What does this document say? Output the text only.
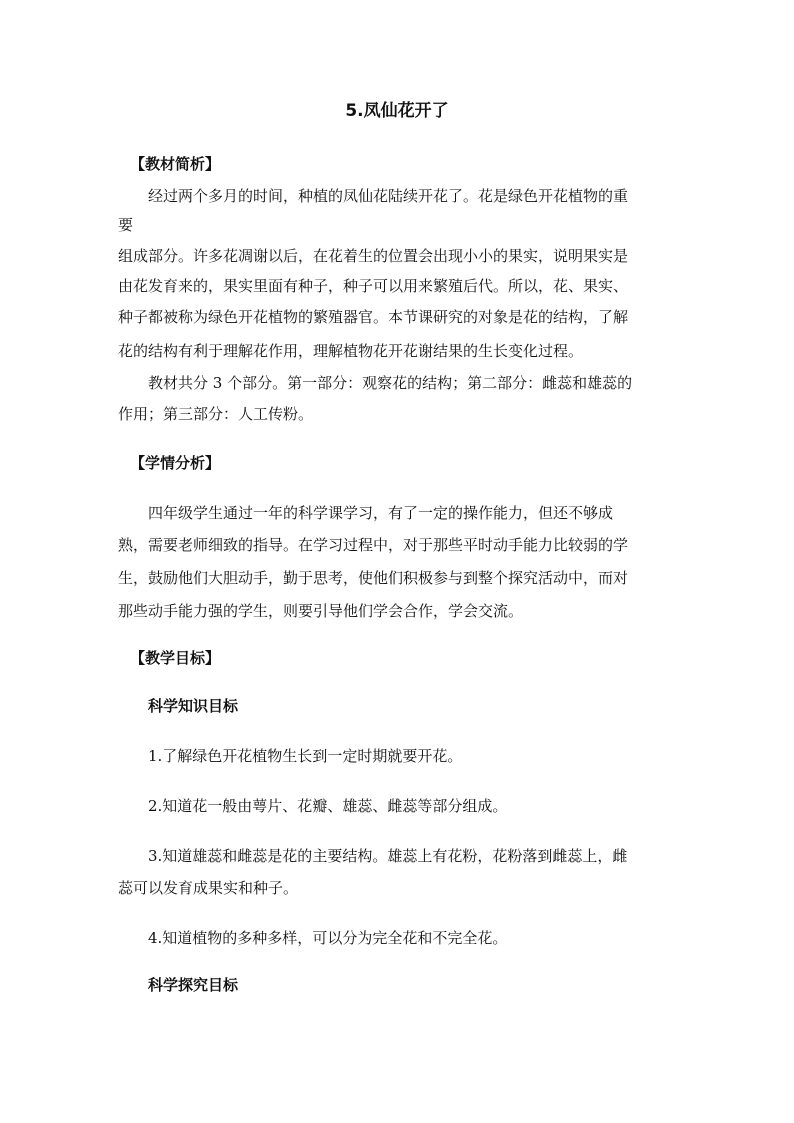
5.凤仙花开了
【教材简析】
经过两个多月的时间，种植的凤仙花陆续开花了。花是绿色开花植物的重
要
组成部分。许多花凋谢以后，在花着生的位置会出现小小的果实，说明果实是
由花发育来的，果实里面有种子，种子可以用来繁殖后代。所以，花、果实、
种子都被称为绿色开花植物的繁殖器官。本节课研究的对象是花的结构，了解
花的结构有利于理解花作用，理解植物花开花谢结果的生长变化过程。
教材共分 3 个部分。第一部分：观察花的结构；第二部分：雌蕊和雄蕊的
作用；第三部分：人工传粉。
【学情分析】
四年级学生通过一年的科学课学习，有了一定的操作能力，但还不够成
熟，需要老师细致的指导。在学习过程中，对于那些平时动手能力比较弱的学
生，鼓励他们大胆动手，勤于思考，使他们积极参与到整个探究活动中，而对
那些动手能力强的学生，则要引导他们学会合作，学会交流。
【教学目标】
科学知识目标
1.了解绿色开花植物生长到一定时期就要开花。
2.知道花一般由萼片、花瓣、雄蕊、雌蕊等部分组成。
3.知道雄蕊和雌蕊是花的主要结构。雄蕊上有花粉，花粉落到雌蕊上，雌
蕊可以发育成果实和种子。
4.知道植物的多种多样，可以分为完全花和不完全花。
科学探究目标
